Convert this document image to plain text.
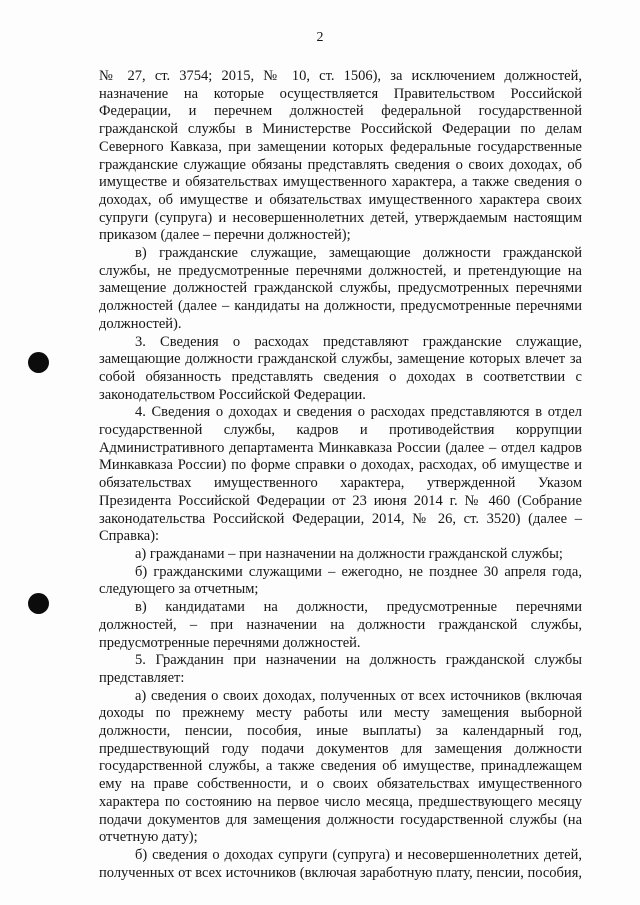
2

№ 27, ст. 3754; 2015, № 10, ст. 1506), за исключением должностей, назначение на которые осуществляется Правительством Российской Федерации, и перечнем должностей федеральной государственной гражданской службы в Министерстве Российской Федерации по делам Северного Кавказа, при замещении которых федеральные государственные гражданские служащие обязаны представлять сведения о своих доходах, об имуществе и обязательствах имущественного характера, а также сведения о доходах, об имуществе и обязательствах имущественного характера своих супруги (супруга) и несовершеннолетних детей, утверждаемым настоящим приказом (далее – перечни должностей);

в) гражданские служащие, замещающие должности гражданской службы, не предусмотренные перечнями должностей, и претендующие на замещение должностей гражданской службы, предусмотренных перечнями должностей (далее – кандидаты на должности, предусмотренные перечнями должностей).

3. Сведения о расходах представляют гражданские служащие, замещающие должности гражданской службы, замещение которых влечет за собой обязанность представлять сведения о доходах в соответствии с законодательством Российской Федерации.

4. Сведения о доходах и сведения о расходах представляются в отдел государственной службы, кадров и противодействия коррупции Административного департамента Минкавказа России (далее – отдел кадров Минкавказа России) по форме справки о доходах, расходах, об имуществе и обязательствах имущественного характера, утвержденной Указом Президента Российской Федерации от 23 июня 2014 г. № 460 (Собрание законодательства Российской Федерации, 2014, № 26, ст. 3520) (далее – Справка):

а) гражданами – при назначении на должности гражданской службы;

б) гражданскими служащими – ежегодно, не позднее 30 апреля года, следующего за отчетным;

в) кандидатами на должности, предусмотренные перечнями должностей, – при назначении на должности гражданской службы, предусмотренные перечнями должностей.

5. Гражданин при назначении на должность гражданской службы представляет:

а) сведения о своих доходах, полученных от всех источников (включая доходы по прежнему месту работы или месту замещения выборной должности, пенсии, пособия, иные выплаты) за календарный год, предшествующий году подачи документов для замещения должности государственной службы, а также сведения об имуществе, принадлежащем ему на праве собственности, и о своих обязательствах имущественного характера по состоянию на первое число месяца, предшествующего месяцу подачи документов для замещения должности государственной службы (на отчетную дату);

б) сведения о доходах супруги (супруга) и несовершеннолетних детей, полученных от всех источников (включая заработную плату, пенсии, пособия,
